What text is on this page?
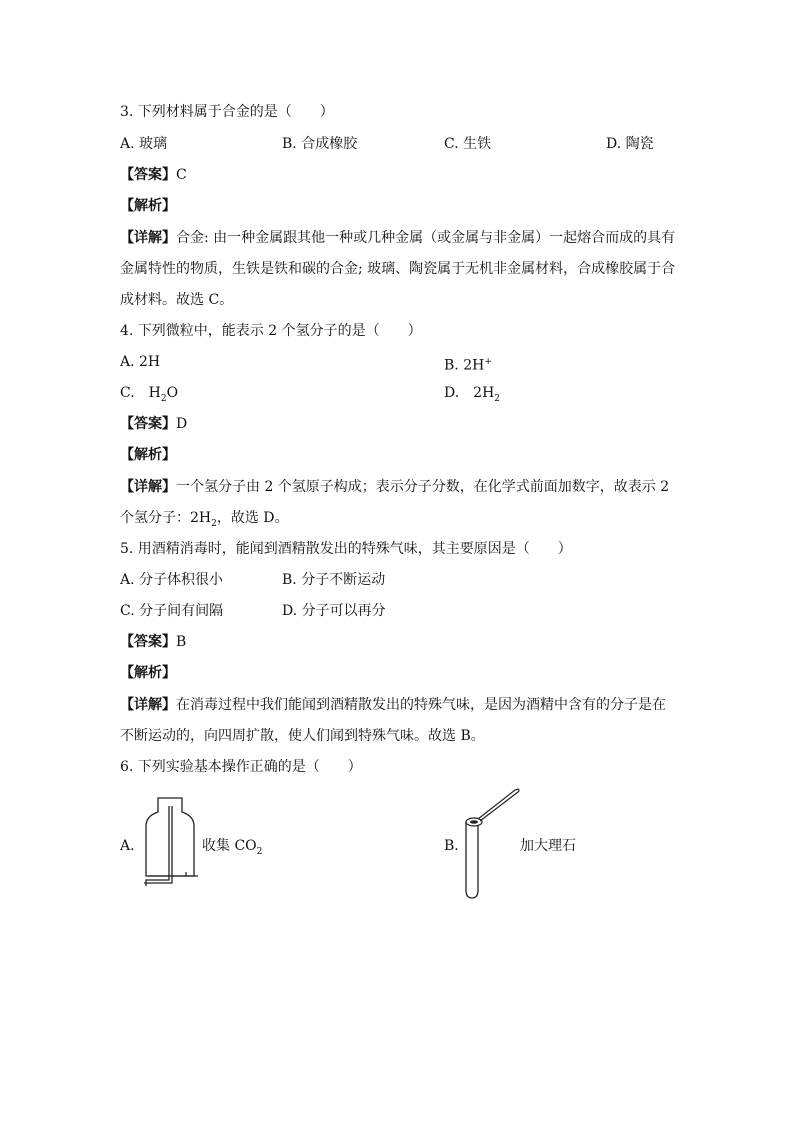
3. 下列材料属于合金的是（　　）
A. 玻璃	B. 合成橡胶	C. 生铁	D. 陶瓷
【答案】C
【解析】
【详解】合金: 由一种金属跟其他一种或几种金属（或金属与非金属）一起熔合而成的具有
金属特性的物质，生铁是铁和碳的合金; 玻璃、陶瓷属于无机非金属材料，合成橡胶属于合
成材料。故选 C。
4. 下列微粒中，能表示 2 个氢分子的是（　　）
A. 2H	B. 2H+
C.　$H_2O$	D.　$2H_2$
【答案】D
【解析】
【详解】一个氢分子由 2 个氢原子构成；表示分子分数，在化学式前面加数字，故表示 2
个氢分子：$2H_2$，故选 D。
5. 用酒精消毒时，能闻到酒精散发出的特殊气味，其主要原因是（　　）
A. 分子体积很小	B. 分子不断运动
C. 分子间有间隔	D. 分子可以再分
【答案】B
【解析】
【详解】在消毒过程中我们能闻到酒精散发出的特殊气味，是因为酒精中含有的分子是在
不断运动的，向四周扩散，使人们闻到特殊气味。故选 B。
6. 下列实验基本操作正确的是（　　）
A.	收集 $CO_2$	B.	加大理石
